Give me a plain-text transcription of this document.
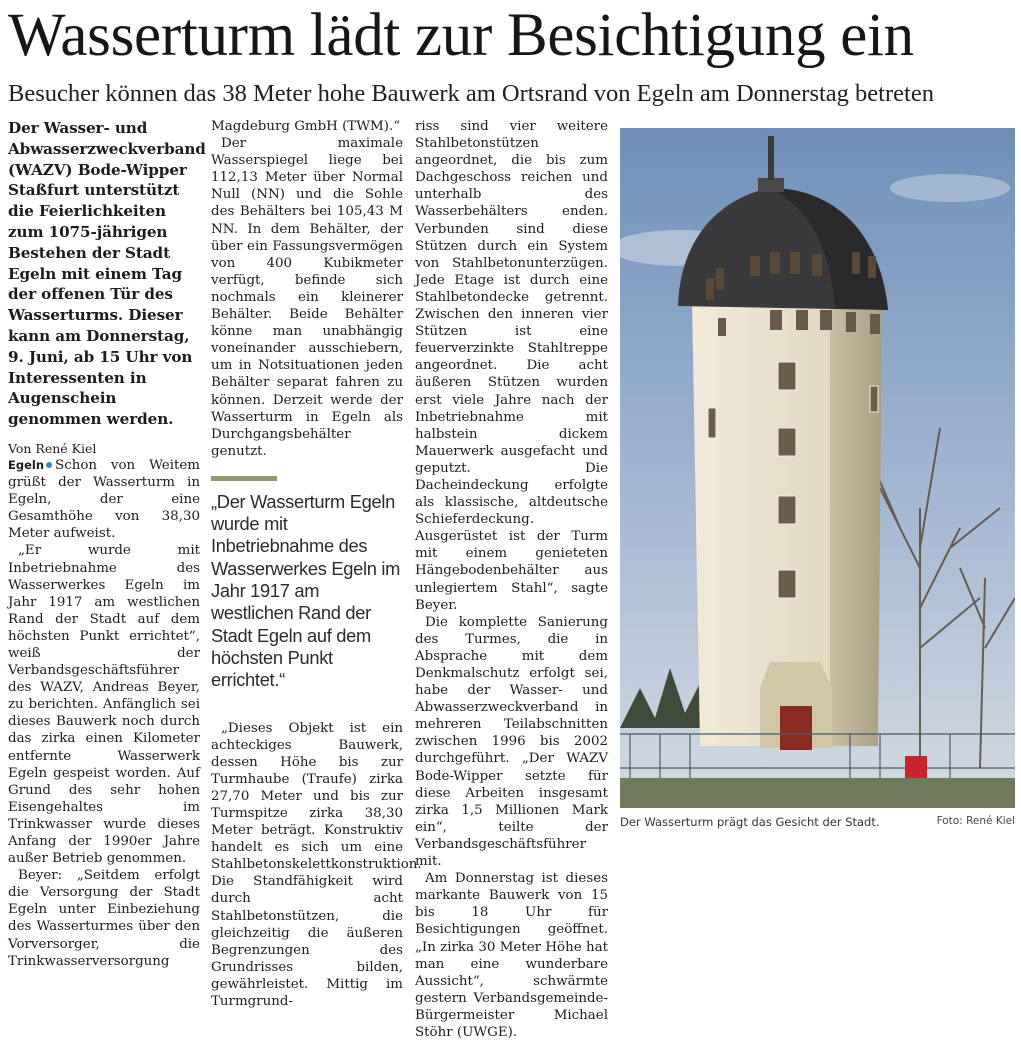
Wasserturm lädt zur Besichtigung ein
Besucher können das 38 Meter hohe Bauwerk am Ortsrand von Egeln am Donnerstag betreten

Der Wasser- und Abwasserzweckverband (WAZV) Bode-Wipper Staßfurt unterstützt die Feierlichkeiten zum 1075-jährigen Bestehen der Stadt Egeln mit einem Tag der offenen Tür des Wasserturms. Dieser kann am Donnerstag, 9. Juni, ab 15 Uhr von Interessenten in Augenschein genommen werden.

Von René Kiel

Egeln Schon von Weitem grüßt der Wasserturm in Egeln, der eine Gesamthöhe von 38,30 Meter aufweist.

„Er wurde mit Inbetriebnahme des Wasserwerkes Egeln im Jahr 1917 am westlichen Rand der Stadt auf dem höchsten Punkt errichtet“, weiß der Verbandsgeschäftsführer des WAZV, Andreas Beyer, zu berichten. Anfänglich sei dieses Bauwerk noch durch das zirka einen Kilometer entfernte Wasserwerk Egeln gespeist worden. Auf Grund des sehr hohen Eisengehaltes im Trinkwasser wurde dieses Anfang der 1990er Jahre außer Betrieb genommen.

Beyer: „Seitdem erfolgt die Versorgung der Stadt Egeln unter Einbeziehung des Wasserturmes über den Vorversorger, die Trinkwasserversorgung

Magdeburg GmbH (TWM).“

Der maximale Wasserspiegel liege bei 112,13 Meter über Normal Null (NN) und die Sohle des Behälters bei 105,43 M NN. In dem Behälter, der über ein Fassungsvermögen von 400 Kubikmeter verfügt, befinde sich nochmals ein kleinerer Behälter. Beide Behälter könne man unabhängig voneinander ausschiebern, um in Notsituationen jeden Behälter separat fahren zu können. Derzeit werde der Wasserturm in Egeln als Durchgangsbehälter genutzt.

„Der Wasserturm Egeln wurde mit Inbetriebnahme des Wasserwerkes Egeln im Jahr 1917 am westlichen Rand der Stadt Egeln auf dem höchsten Punkt errichtet.“

„Dieses Objekt ist ein achteckiges Bauwerk, dessen Höhe bis zur Turmhaube (Traufe) zirka 27,70 Meter und bis zur Turmspitze zirka 38,30 Meter beträgt. Konstruktiv handelt es sich um eine Stahlbetonskelettkonstruktion. Die Standfähigkeit wird durch acht Stahlbetonstützen, die gleichzeitig die äußeren Begrenzungen des Grundrisses bilden, gewährleistet. Mittig im Turmgrund-

riss sind vier weitere Stahlbetonstützen angeordnet, die bis zum Dachgeschoss reichen und unterhalb des Wasserbehälters enden. Verbunden sind diese Stützen durch ein System von Stahlbetonunterzügen. Jede Etage ist durch eine Stahlbetondecke getrennt. Zwischen den inneren vier Stützen ist eine feuerverzinkte Stahltreppe angeordnet. Die acht äußeren Stützen wurden erst viele Jahre nach der Inbetriebnahme mit halbstein dickem Mauerwerk ausgefacht und geputzt. Die Dacheindeckung erfolgte als klassische, altdeutsche Schieferdeckung. Ausgerüstet ist der Turm mit einem genieteten Hängebodenbehälter aus unlegiertem Stahl“, sagte Beyer.

Die komplette Sanierung des Turmes, die in Absprache mit dem Denkmalschutz erfolgt sei, habe der Wasser- und Abwasserzweckverband in mehreren Teilabschnitten zwischen 1996 bis 2002 durchgeführt. „Der WAZV Bode-Wipper setzte für diese Arbeiten insgesamt zirka 1,5 Millionen Mark ein“, teilte der Verbandsgeschäftsführer mit.

Am Donnerstag ist dieses markante Bauwerk von 15 bis 18 Uhr für Besichtigungen geöffnet. „In zirka 30 Meter Höhe hat man eine wunderbare Aussicht“, schwärmte gestern Verbandsgemeinde-Bürgermeister Michael Stöhr (UWGE).

Der Wasserturm prägt das Gesicht der Stadt.	Foto: René Kiel
